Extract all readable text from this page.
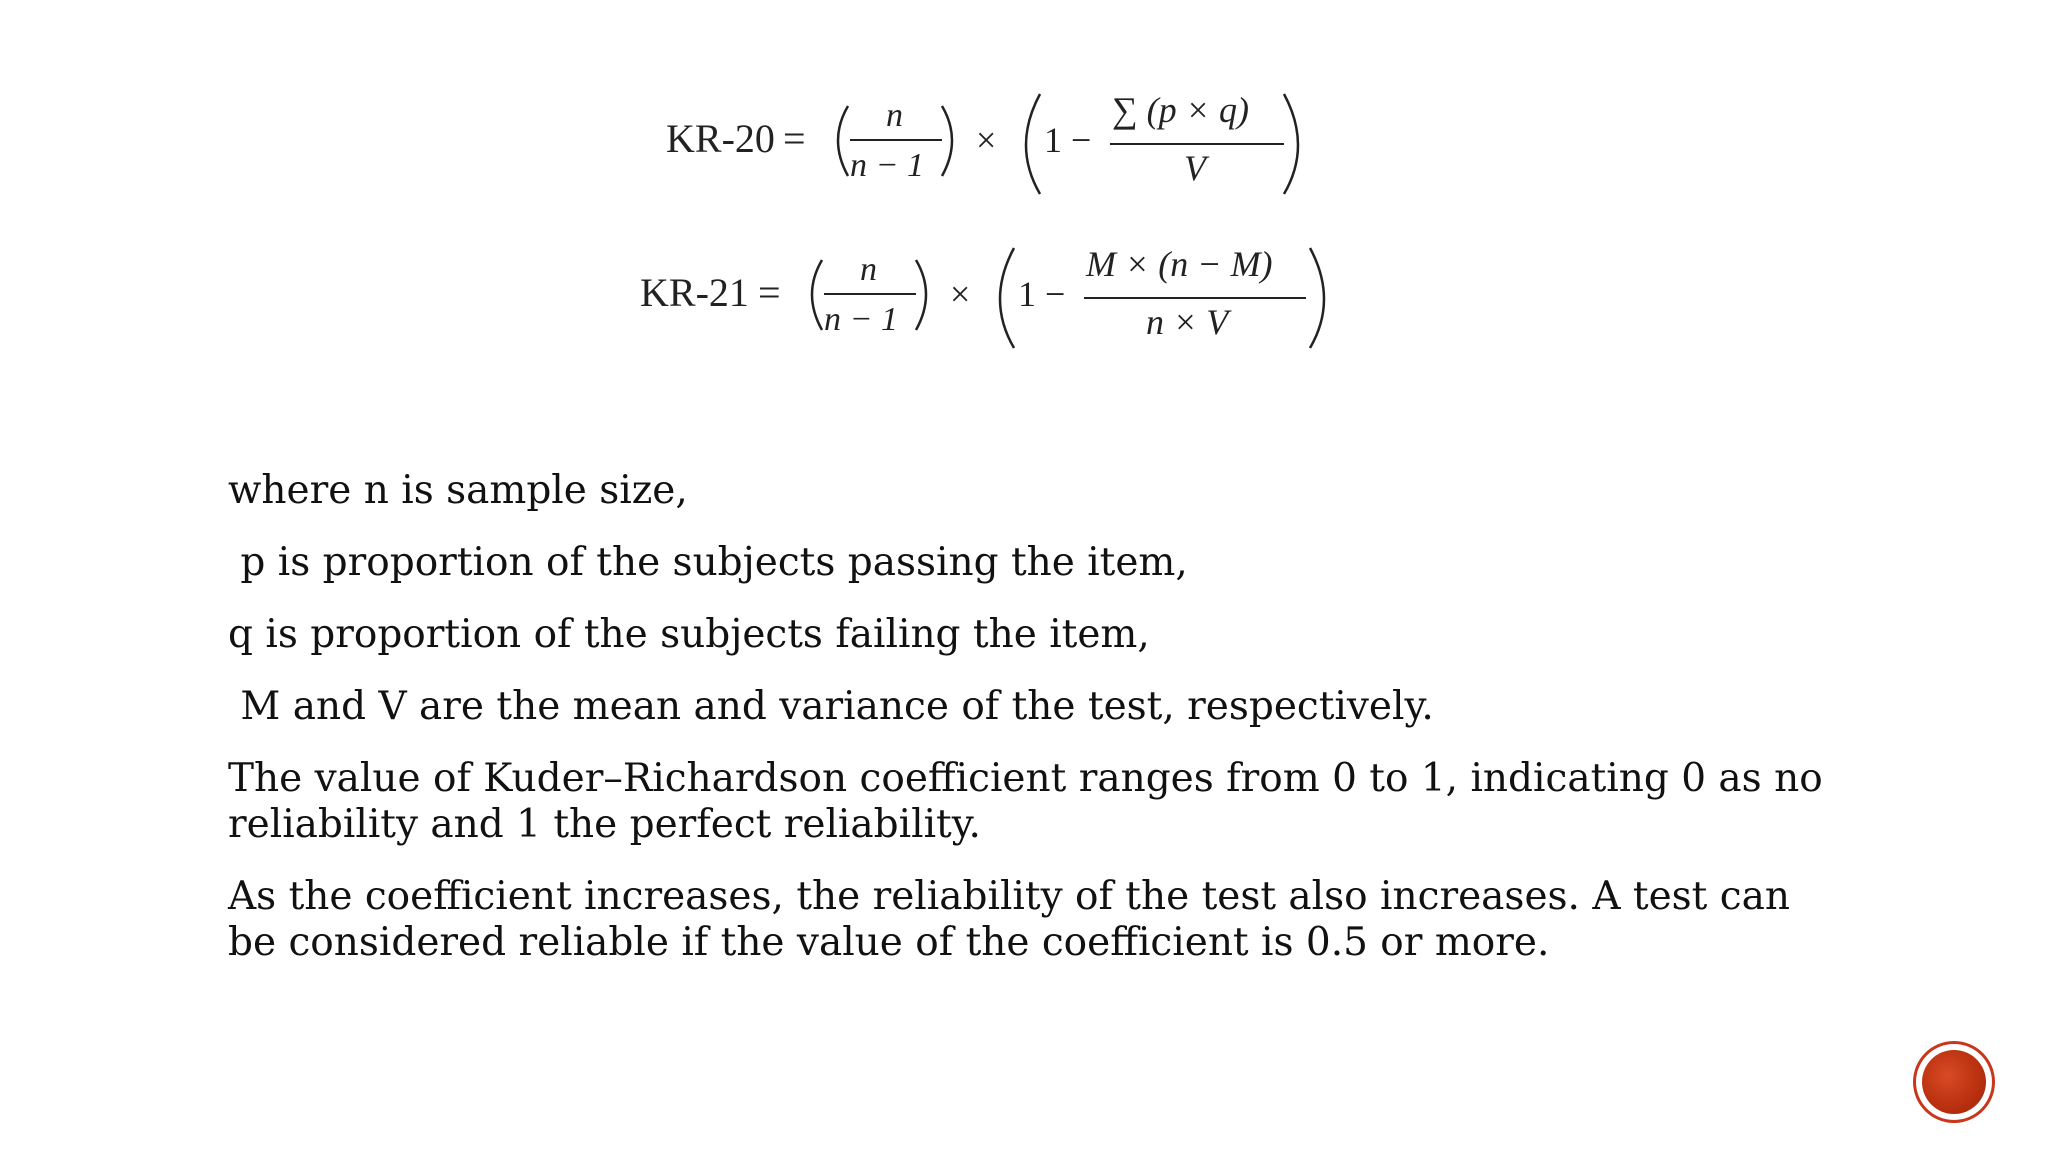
KR-20 =
n
n − 1
× 1 −
∑ (p × q)
V
KR-21 =
n
n − 1
× 1 −
M × (n − M)
n × V

where n is sample size,

p is proportion of the subjects passing the item,

q is proportion of the subjects failing the item,

M and V are the mean and variance of the test, respectively.

The value of Kuder–Richardson coefficient ranges from 0 to 1, indicating 0 as no reliability and 1 the perfect reliability.

As the coefficient increases, the reliability of the test also increases. A test can be considered reliable if the value of the coefficient is 0.5 or more.
